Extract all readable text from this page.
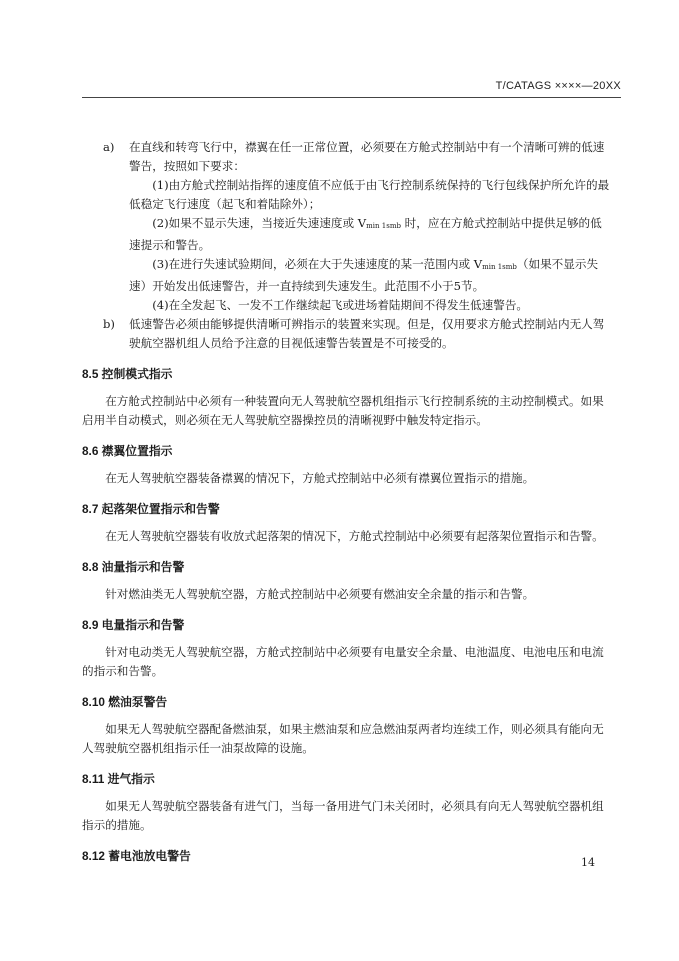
T/CATAGS ××××—20XX
a) 在直线和转弯飞行中，襟翼在任一正常位置，必须要在方舱式控制站中有一个清晰可辨的低速警告，按照如下要求：
(1)由方舱式控制站指挥的速度值不应低于由飞行控制系统保持的飞行包线保护所允许的最低稳定飞行速度（起飞和着陆除外）；
(2)如果不显示失速，当接近失速速度或 Vmin 1smb 时，应在方舱式控制站中提供足够的低速提示和警告。
(3)在进行失速试验期间，必须在大于失速速度的某一范围内或 Vmin 1smb（如果不显示失速）开始发出低速警告，并一直持续到失速发生。此范围不小于5节。
(4)在全发起飞、一发不工作继续起飞或进场着陆期间不得发生低速警告。
b) 低速警告必须由能够提供清晰可辨指示的装置来实现。但是，仅用要求方舱式控制站内无人驾驶航空器机组人员给予注意的目视低速警告装置是不可接受的。
8.5 控制模式指示
在方舱式控制站中必须有一种装置向无人驾驶航空器机组指示飞行控制系统的主动控制模式。如果启用半自动模式，则必须在无人驾驶航空器操控员的清晰视野中触发特定指示。
8.6 襟翼位置指示
在无人驾驶航空器装备襟翼的情况下，方舱式控制站中必须有襟翼位置指示的措施。
8.7 起落架位置指示和告警
在无人驾驶航空器装有收放式起落架的情况下，方舱式控制站中必须要有起落架位置指示和告警。
8.8 油量指示和告警
针对燃油类无人驾驶航空器，方舱式控制站中必须要有燃油安全余量的指示和告警。
8.9 电量指示和告警
针对电动类无人驾驶航空器，方舱式控制站中必须要有电量安全余量、电池温度、电池电压和电流的指示和告警。
8.10 燃油泵警告
如果无人驾驶航空器配备燃油泵，如果主燃油泵和应急燃油泵两者均连续工作，则必须具有能向无人驾驶航空器机组指示任一油泵故障的设施。
8.11 进气指示
如果无人驾驶航空器装备有进气门，当每一备用进气门未关闭时，必须具有向无人驾驶航空器机组指示的措施。
8.12 蓄电池放电警告	14
